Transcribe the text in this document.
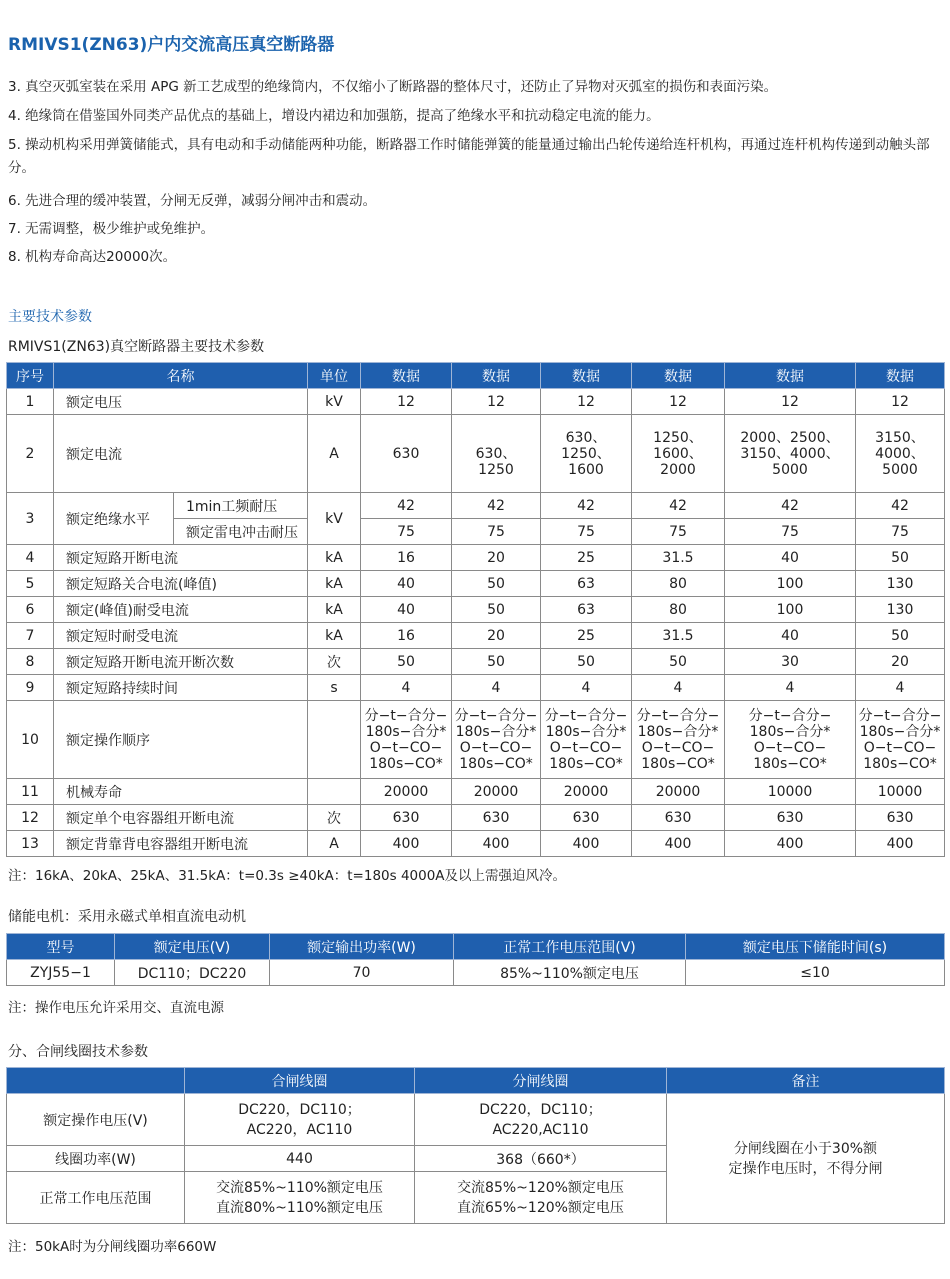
RMIVS1(ZN63)户内交流高压真空断路器
3. 真空灭弧室装在采用 APG 新工艺成型的绝缘筒内，不仅缩小了断路器的整体尺寸，还防止了异物对灭弧室的损伤和表面污染。
4. 绝缘筒在借鉴国外同类产品优点的基础上，增设内裙边和加强筋，提高了绝缘水平和抗动稳定电流的能力。
5. 操动机构采用弹簧储能式，具有电动和手动储能两种功能，断路器工作时储能弹簧的能量通过输出凸轮传递给连杆机构，再通过连杆机构传递到动触头部分。
6. 先进合理的缓冲装置，分闸无反弹，减弱分闸冲击和震动。
7. 无需调整，极少维护或免维护。
8. 机构寿命高达20000次。
主要技术参数
RMIVS1(ZN63)真空断路器主要技术参数
序号	名称		单位	数据	数据	数据	数据	数据	数据
1	额定电压		kV	12	12	12	12	12	12
2	额定电流		A	630	630、
1250	630、
1250、
1600	1250、
1600、
2000	2000、2500、
3150、4000、
5000	3150、
4000、
5000

3	额定绝缘水平	1min工频耐压	kV	42	42	42	42	42	42
		额定雷电冲击耐压		75	75	75	75	75	75
4	额定短路开断电流		kA	16	20	25	31.5	40	50
5	额定短路关合电流(峰值)		kA	40	50	63	80	100	130
6	额定(峰值)耐受电流		kA	40	50	63	80	100	130
7	额定短时耐受电流		kA	16	20	25	31.5	40	50
8	额定短路开断电流开断次数		次	50	50	50	50	30	20
9	额定短路持续时间		s	4	4	4	4	4	4
10	额定操作顺序			分−t−合分−
180s−合分*
O−t−CO−
180s−CO*	分−t−合分−
180s−合分*
O−t−CO−
180s−CO*	分−t−合分−
180s−合分*
O−t−CO−
180s−CO*	分−t−合分−
180s−合分*
O−t−CO−
180s−CO*	分−t−合分−
180s−合分*
O−t−CO−
180s−CO*	分−t−合分−
180s−合分*
O−t−CO−
180s−CO*

11	机械寿命			20000	20000	20000	20000	10000	10000
12	额定单个电容器组开断电流		次	630	630	630	630	630	630
13	额定背靠背电容器组开断电流		A	400	400	400	400	400	400
注：16kA、20kA、25kA、31.5kA：t=0.3s ≥40kA：t=180s 4000A及以上需强迫风冷。
储能电机：采用永磁式单相直流电动机
型号	额定电压(V)	额定输出功率(W)	正常工作电压范围(V)	额定电压下储能时间(s)
ZYJ55−1	DC110；DC220	70	85%~110%额定电压	≤10
注：操作电压允许采用交、直流电源
分、合闸线圈技术参数
	合闸线圈	分闸线圈	备注
额定操作电压(V)	DC220，DC110；
AC220，AC110	DC220，DC110；
AC220,AC110	分闸线圈在小于30%额
定操作电压时，不得分闸

线圈功率(W)	440	368（660*）	
正常工作电压范围	交流85%~110%额定电压
直流80%~110%额定电压	交流85%~120%额定电压
直流65%~120%额定电压	
注：50kA时为分闸线圈功率660W
